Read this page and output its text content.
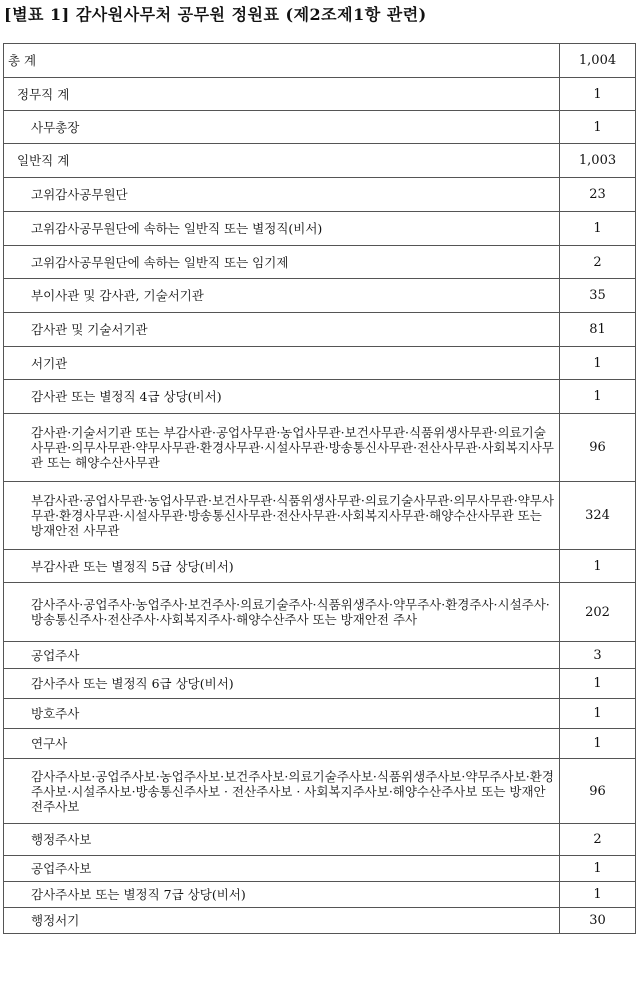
[별표 1] 감사원사무처 공무원 정원표 (제2조제1항 관련)
총 계	1,004
정무직 계	1
사무총장	1
일반직 계	1,003
고위감사공무원단	23
고위감사공무원단에 속하는 일반직 또는 별정직(비서)	1
고위감사공무원단에 속하는 일반직 또는 임기제	2
부이사관 및 감사관, 기술서기관	35
감사관 및 기술서기관	81
서기관	1
감사관 또는 별정직 4급 상당(비서)	1
감사관·기술서기관 또는 부감사관·공업사무관·농업사무관·보건사무관·식품위생사무관·의료기술사무관·의무사무관·약무사무관·환경사무관·시설사무관·방송통신사무관·전산사무관·사회복지사무관 또는 해양수산사무관	96
부감사관·공업사무관·농업사무관·보건사무관·식품위생사무관·의료기술사무관·의무사무관·약무사무관·환경사무관·시설사무관·방송통신사무관·전산사무관·사회복지사무관·해양수산사무관 또는 방재안전 사무관	324
부감사관 또는 별정직 5급 상당(비서)	1
감사주사·공업주사·농업주사·보건주사·의료기술주사·식품위생주사·약무주사·환경주사·시설주사·방송통신주사·전산주사·사회복지주사·해양수산주사 또는 방재안전 주사	202
공업주사	3
감사주사 또는 별정직 6급 상당(비서)	1
방호주사	1
연구사	1
감사주사보·공업주사보·농업주사보·보건주사보·의료기술주사보·식품위생주사보·약무주사보·환경주사보·시설주사보·방송통신주사보 · 전산주사보 · 사회복지주사보·해양수산주사보 또는 방재안전주사보	96
행정주사보	2
공업주사보	1
감사주사보 또는 별정직 7급 상당(비서)	1
행정서기	30
